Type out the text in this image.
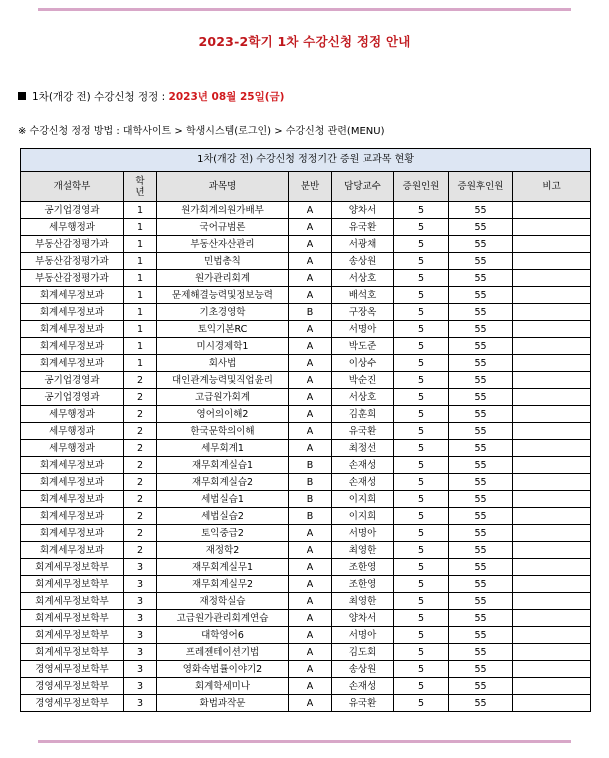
2023-2학기 1차 수강신청 정정 안내
1차(개강 전) 수강신청 정정 : 2023년 08월 25일(금)
※ 수강신청 정정 방법 : 대학사이트 > 학생시스템(로그인) > 수강신청 관련(MENU)
1차(개강 전) 수강신청 정정기간 증원 교과목 현황							
개설학부	학년	과목명	분반	담당교수	증원인원	증원후인원	비고
공기업경영과	1	원가회계의원가배부	A	양차서	5	55	
세무행정과	1	국어규범론	A	유국환	5	55	
부동산감정평가과	1	부동산자산관리	A	서광채	5	55	
부동산감정평가과	1	민법총칙	A	송상원	5	55	
부동산감정평가과	1	원가관리회계	A	서상호	5	55	
회계세무정보과	1	문제해결능력및정보능력	A	배석호	5	55	
회계세무정보과	1	기초경영학	B	구장옥	5	55	
회계세무정보과	1	토익기본RC	A	서명아	5	55	
회계세무정보과	1	미시경제학1	A	박도준	5	55	
회계세무정보과	1	회사법	A	이상수	5	55	
공기업경영과	2	대인관계능력및직업윤리	A	박순진	5	55	
공기업경영과	2	고급원가회계	A	서상호	5	55	
세무행정과	2	영어의이해2	A	김훈희	5	55	
세무행정과	2	한국문학의이해	A	유국환	5	55	
세무행정과	2	세무회계1	A	최정선	5	55	
회계세무정보과	2	재무회계실습1	B	손재성	5	55	
회계세무정보과	2	재무회계실습2	B	손재성	5	55	
회계세무정보과	2	세법실습1	B	이지희	5	55	
회계세무정보과	2	세법실습2	B	이지희	5	55	
회계세무정보과	2	토익중급2	A	서명아	5	55	
회계세무정보과	2	재정학2	A	최영한	5	55	
회계세무정보학부	3	재무회계실무1	A	조한영	5	55	
회계세무정보학부	3	재무회계실무2	A	조한영	5	55	
회계세무정보학부	3	재정학실습	A	최영한	5	55	
회계세무정보학부	3	고급원가관리회계연습	A	양차서	5	55	
회계세무정보학부	3	대학영어6	A	서명아	5	55	
회계세무정보학부	3	프레젠테이션기법	A	김도회	5	55	
경영세무정보학부	3	영화속법률이야기2	A	송상원	5	55	
경영세무정보학부	3	회계학세미나	A	손재성	5	55	
경영세무정보학부	3	화법과작문	A	유국환	5	55	
